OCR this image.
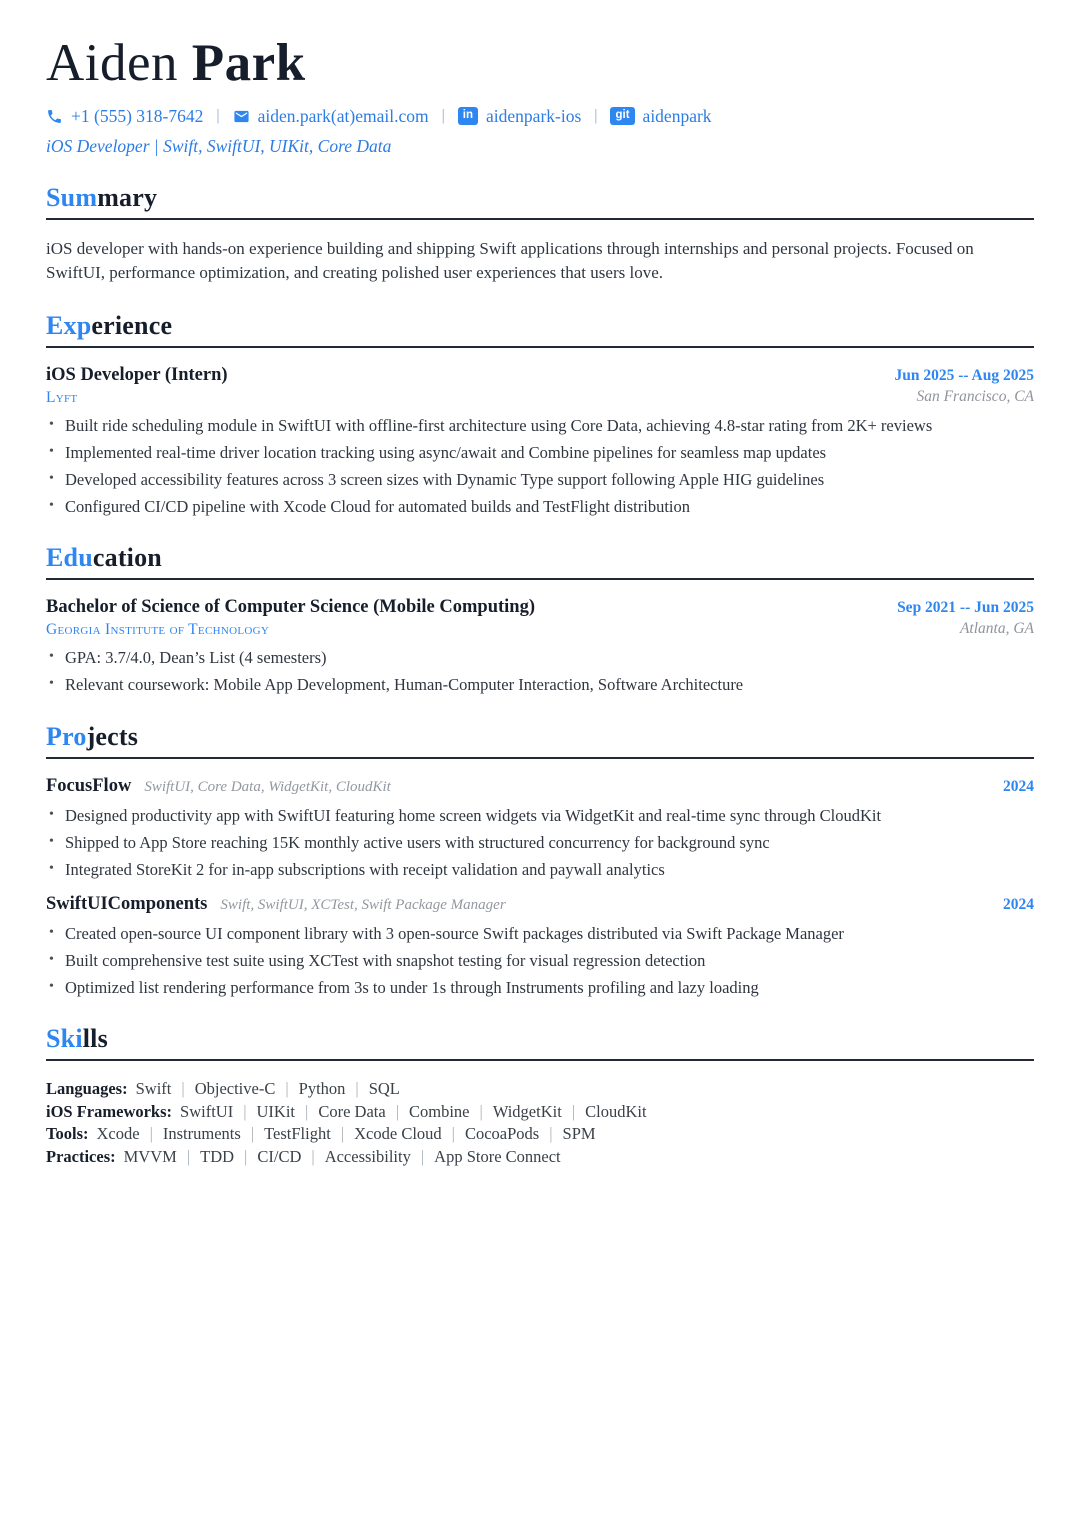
Aiden Park
+1 (555) 318-7642 | aiden.park(at)email.com |	in aidenpark-ios |	git aidenpark
iOS Developer | Swift, SwiftUI, UIKit, Core Data
Summary

iOS developer with hands-on experience building and shipping Swift applications through internships and personal projects. Focused on SwiftUI, performance optimization, and creating polished user experiences that users love.

Experience
iOS Developer (Intern)
Lyft
Jun 2025 -- Aug 2025
San Francisco, CA
• Built ride scheduling module in SwiftUI with offline-first architecture using Core Data, achieving 4.8-star rating from 2K+ reviews
• Implemented real-time driver location tracking using async/await and Combine pipelines for seamless map updates
• Developed accessibility features across 3 screen sizes with Dynamic Type support following Apple HIG guidelines
• Configured CI/CD pipeline with Xcode Cloud for automated builds and TestFlight distribution
Education
Bachelor of Science of Computer Science (Mobile Computing)
Georgia Institute of Technology
Sep 2021 -- Jun 2025
Atlanta, GA
• GPA: 3.7/4.0, Dean’s List (4 semesters)
• Relevant coursework: Mobile App Development, Human-Computer Interaction, Software Architecture
Projects
FocusFlow SwiftUI, Core Data, WidgetKit, CloudKit	2024
• Designed productivity app with SwiftUI featuring home screen widgets via WidgetKit and real-time sync through CloudKit
• Shipped to App Store reaching 15K monthly active users with structured concurrency for background sync
• Integrated StoreKit 2 for in-app subscriptions with receipt validation and paywall analytics
SwiftUIComponents Swift, SwiftUI, XCTest, Swift Package Manager	2024
• Created open-source UI component library with 3 open-source Swift packages distributed via Swift Package Manager
• Built comprehensive test suite using XCTest with snapshot testing for visual regression detection
• Optimized list rendering performance from 3s to under 1s through Instruments profiling and lazy loading
Skills
Languages: Swift | Objective-C | Python | SQL
iOS Frameworks: SwiftUI | UIKit | Core Data | Combine | WidgetKit | CloudKit
Tools: Xcode | Instruments | TestFlight | Xcode Cloud | CocoaPods | SPM
Practices: MVVM | TDD | CI/CD | Accessibility | App Store Connect
